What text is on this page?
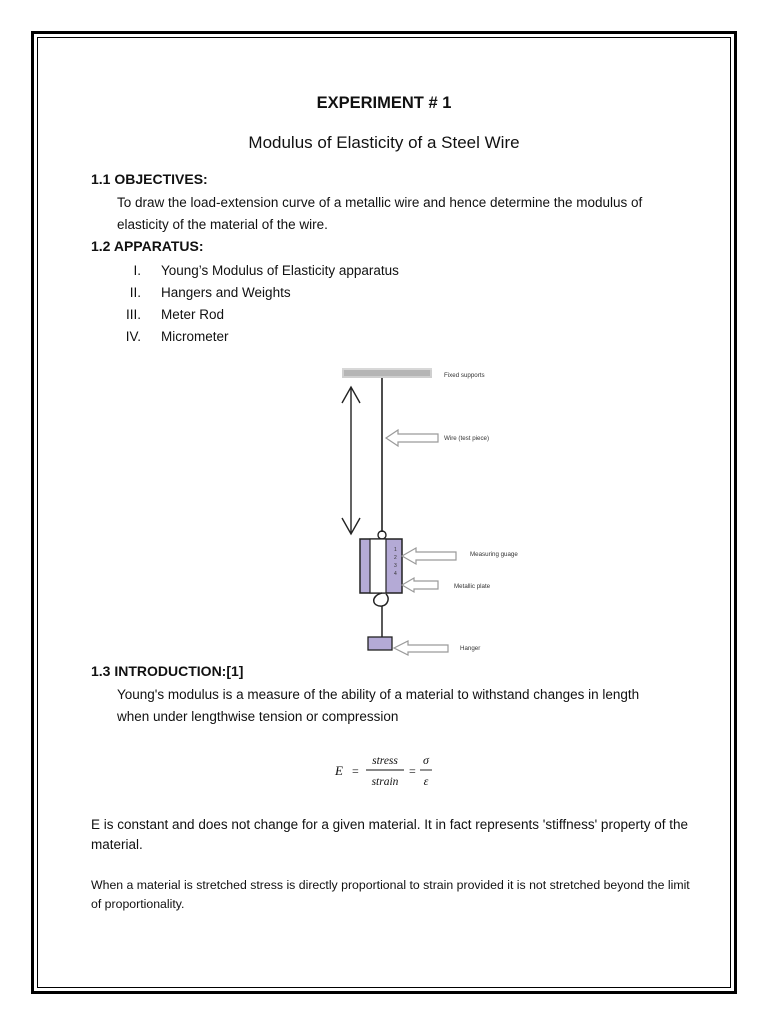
EXPERIMENT # 1
Modulus of Elasticity of a Steel Wire
1.1 OBJECTIVES:
To draw the load-extension curve of a metallic wire and hence determine the modulus of elasticity of the material of the wire.
1.2 APPARATUS:
I. Young’s Modulus of Elasticity apparatus
II. Hangers and Weights
III. Meter Rod
IV. Micrometer
1
2
3
4
Fixed supports
Wire (test piece)
Measuring guage
Metallic plate
Hanger
1.3 INTRODUCTION:[1]
Young's modulus is a measure of the ability of a material to withstand changes in length when under lengthwise tension or compression
E =
stress
strain
=
σ
ε
E is constant and does not change for a given material. It in fact represents 'stiffness' property of the material.
When a material is stretched stress is directly proportional to strain provided it is not stretched beyond the limit of proportionality.
